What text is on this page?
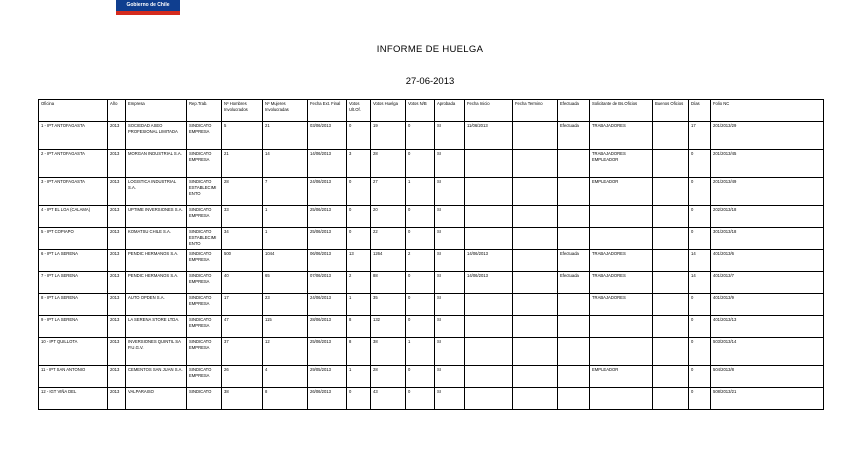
Gobierno de Chile
INFORME DE HUELGA
27-06-2013
Oficina	Año	Empresa	Rep.Trab.	Nº Hombres Involucrados	Nº Mujeres Involucradas	Fecha Ext. Final	Votos Ult.Of.	Votos Huelga	Votos N/B	Aprobada	Fecha Inicio	Fecha Termino	Efectuada	Solicitante de Bs.Oficios	Buenos Oficios	Días	Folio NC
1 - IPT ANTOFAGASTA	2013	SOCIEDAD ASEO PROFESIONAL LIMITADA	SINDICATO EMPRESA	5	21	03/06/2013	0	19	0	SI	11/06/2013		Efectuada	TRABAJADORES		17	201/2013/29
2 - IPT ANTOFAGASTA	2013	MORGAN INDUSTRIAL S.A.	SINDICATO EMPRESA	21	14	14/06/2013	3	28	0	SI				TRABAJADORES EMPLEADOR		0	201/2013/45
3 - IPT ANTOFAGASTA	2013	LOGISTICA INDUSTRIAL S.A.	SINDICATO ESTABLECIMIENTO	28	7	24/06/2013	0	27	1	SI				EMPLEADOR		0	201/2013/49
4 - IPT EL LOA (CALAMA)	2013	UPTIME INVERSIONES S.A.	SINDICATO EMPRESA	33	1	25/06/2013	0	20	0	SI						0	202/2013/18
5 - IPT COPIAPO	2013	KOMATSU CHILE S.A.	SINDICATO ESTABLECIMIENTO	34	1	25/06/2013	0	22	0	SI						0	301/2013/18
6 - IPT LA SERENA	2013	PENDIC HERMANOS S.A.	SINDICATO EMPRESA	500	1044	06/06/2013	13	1264	2	SI	14/06/2013		Efectuada	TRABAJADORES		14	401/2013/6
7 - IPT LA SERENA	2013	PENDIC HERMANOS S.A.	SINDICATO EMPRESA	40	65	07/06/2013	2	88	0	SI	14/06/2013		Efectuada	TRABAJADORES		14	401/2013/7
8 - IPT LA SERENA	2013	AUTO OPDEN S.A.	SINDICATO EMPRESA	17	23	24/06/2013	1	35	0	SI				TRABAJADORES		0	401/2013/9
9 - IPT LA SERENA	2013	LA SERENA STORE LTDA.	SINDICATO EMPRESA	47	115	28/06/2013	8	132	0	SI						0	401/2013/13
10 - IPT QUILLOTA	2013	INVERSIONES QUINTIL SA P.U.G.V.	SINDICATO EMPRESA	37	12	25/06/2013	8	38	1	SI						0	503/2013/14
11 - IPT SAN ANTONIO	2013	CEMENTOS SAN JUAN S.A.	SINDICATO EMPRESA	26	4	29/05/2013	1	28	0	SI				EMPLEADOR		0	504/2013/8
12 - IGT VIÑA DEL	2013	VALPARAISO	SINDICATO	38	8	26/06/2013	0	43	0	SI						0	508/2013/21
